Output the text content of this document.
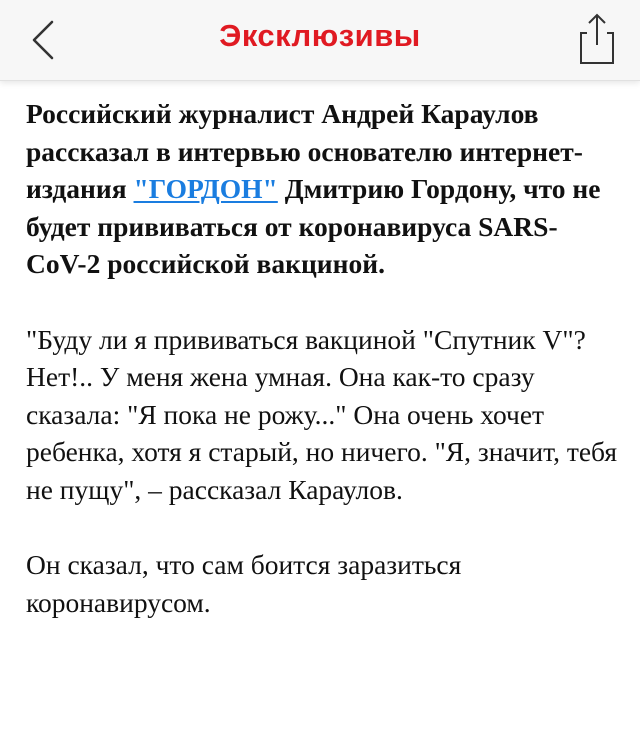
Эксклюзивы

Российский журналист Андрей Караулов рассказал в интервью основателю интернет- издания "ГОРДОН" Дмитрию Гордону, что не будет прививаться от коронавируса SARS-CoV-2 российской вакциной.

"Буду ли я прививаться вакциной "Спутник V"? Нет!.. У меня жена умная. Она как-то сразу сказала: "Я пока не рожу..." Она очень хочет ребенка, хотя я старый, но ничего. "Я, значит, тебя не пущу", – рассказал Караулов.

Он сказал, что сам боится заразиться коронавирусом.
